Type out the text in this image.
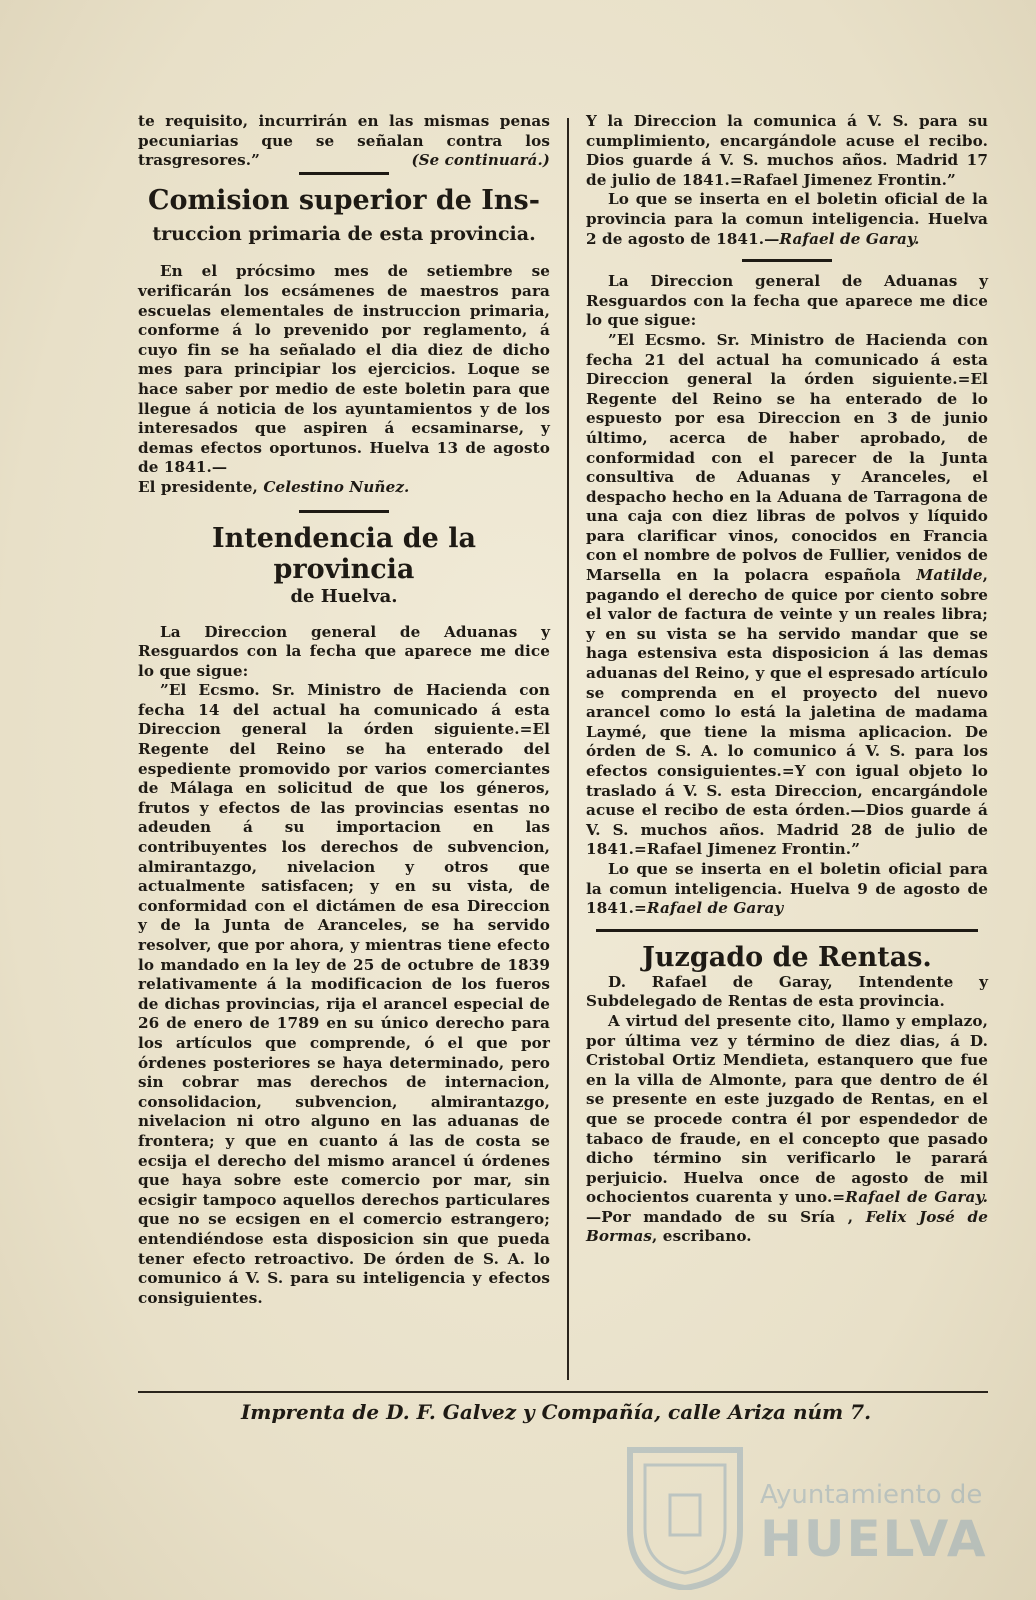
te requisito, incurrirán en las mismas penas pecuniarias que se señalan contra los trasgresores.”	(Se continuará.)

Comision superior de Ins-
truccion primaria de esta provincia.

En el prócsimo mes de setiembre se verificarán los ecsámenes de maestros para escuelas elementales de instruccion primaria, conforme á lo prevenido por reglamento, á cuyo fin se ha señalado el dia diez de dicho mes para principiar los ejercicios. Loque se hace saber por medio de este boletin para que llegue á noticia de los ayuntamientos y de los interesados que aspiren á ecsaminarse, y demas efectos oportunos. Huelva 13 de agosto de 1841.—

El presidente, Celestino Nuñez.

Intendencia de la provincia
de Huelva.

La Direccion general de Aduanas y Resguardos con la fecha que aparece me dice lo que sigue:

”El Ecsmo. Sr. Ministro de Hacienda con fecha 14 del actual ha comunicado á esta Direccion general la órden siguiente.=El Regente del Reino se ha enterado del espediente promovido por varios comerciantes de Málaga en solicitud de que los géneros, frutos y efectos de las provincias esentas no adeuden á su importacion en las contribuyentes los derechos de subvencion, almirantazgo, nivelacion y otros que actualmente satisfacen; y en su vista, de conformidad con el dictámen de esa Direccion y de la Junta de Aranceles, se ha servido resolver, que por ahora, y mientras tiene efecto lo mandado en la ley de 25 de octubre de 1839 relativamente á la modificacion de los fueros de dichas provincias, rija el arancel especial de 26 de enero de 1789 en su único derecho para los artículos que comprende, ó el que por órdenes posteriores se haya determinado, pero sin cobrar mas derechos de internacion, consolidacion, subvencion, almirantazgo, nivelacion ni otro alguno en las aduanas de frontera; y que en cuanto á las de costa se ecsija el derecho del mismo arancel ú órdenes que haya sobre este comercio por mar, sin ecsigir tampoco aquellos derechos particulares que no se ecsigen en el comercio estrangero; entendiéndose esta disposicion sin que pueda tener efecto retroactivo. De órden de S. A. lo comunico á V. S. para su inteligencia y efectos consiguientes.

Y la Direccion la comunica á V. S. para su cumplimiento, encargándole acuse el recibo. Dios guarde á V. S. muchos años. Madrid 17 de julio de 1841.=Rafael Jimenez Frontin.”

Lo que se inserta en el boletin oficial de la provincia para la comun inteligencia. Huelva 2 de agosto de 1841.—Rafael de Garay.

La Direccion general de Aduanas y Resguardos con la fecha que aparece me dice lo que sigue:

”El Ecsmo. Sr. Ministro de Hacienda con fecha 21 del actual ha comunicado á esta Direccion general la órden siguiente.=El Regente del Reino se ha enterado de lo espuesto por esa Direccion en 3 de junio último, acerca de haber aprobado, de conformidad con el parecer de la Junta consultiva de Aduanas y Aranceles, el despacho hecho en la Aduana de Tarragona de una caja con diez libras de polvos y líquido para clarificar vinos, conocidos en Francia con el nombre de polvos de Fullier, venidos de Marsella en la polacra española Matilde, pagando el derecho de quice por ciento sobre el valor de factura de veinte y un reales libra; y en su vista se ha servido mandar que se haga estensiva esta disposicion á las demas aduanas del Reino, y que el espresado artículo se comprenda en el proyecto del nuevo arancel como lo está la jaletina de madama Laymé, que tiene la misma aplicacion. De órden de S. A. lo comunico á V. S. para los efectos consiguientes.=Y con igual objeto lo traslado á V. S. esta Direccion, encargándole acuse el recibo de esta órden.—Dios guarde á V. S. muchos años. Madrid 28 de julio de 1841.=Rafael Jimenez Frontin.”

Lo que se inserta en el boletin oficial para la comun inteligencia. Huelva 9 de agosto de 1841.=Rafael de Garay

Juzgado de Rentas.

D. Rafael de Garay, Intendente y Subdelegado de Rentas de esta provincia.

A virtud del presente cito, llamo y emplazo, por última vez y término de diez dias, á D. Cristobal Ortiz Mendieta, estanquero que fue en la villa de Almonte, para que dentro de él se presente en este juzgado de Rentas, en el que se procede contra él por espendedor de tabaco de fraude, en el concepto que pasado dicho término sin verificarlo le parará perjuicio. Huelva once de agosto de mil ochocientos cuarenta y uno.=Rafael de Garay.—Por mandado de su Sría , Felix José de Bormas, escribano.

Imprenta de D. F. Galvez y Compañía, calle Ariza núm 7.
Ayuntamiento de
HUELVA
